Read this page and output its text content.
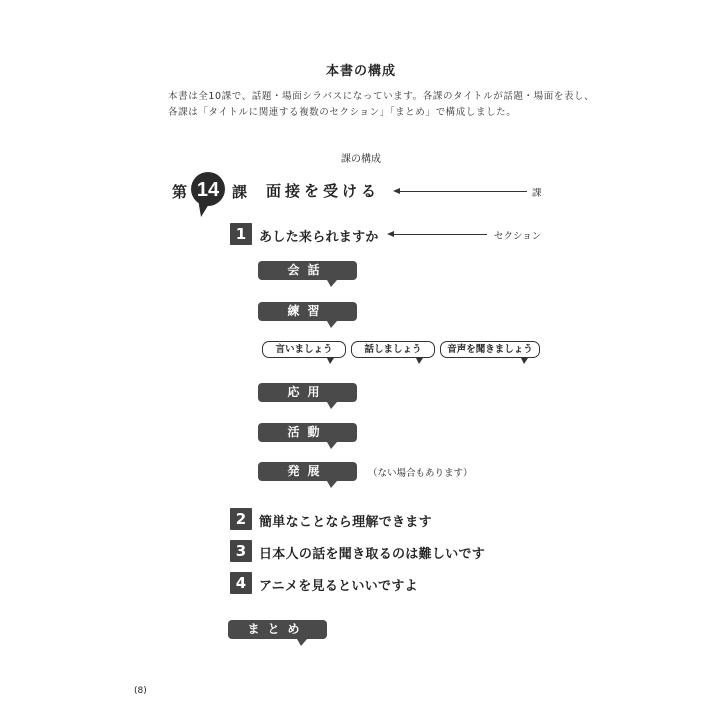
本書の構成
本書は全10課で、話題・場面シラバスになっています。各課のタイトルが話題・場面を表し、
各課は「タイトルに関連する複数のセクション」「まとめ」で構成しました。
課の構成
第 14 課 面接を受ける	課
1 あした来られますか	セクション
会話
練習
言いましょう	話しましょう	音声を聞きましょう
応用
活動
発展	（ない場合もあります）
2 簡単なことなら理解できます
3 日本人の話を聞き取るのは難しいです
4 アニメを見るといいですよ
まとめ
(8)
